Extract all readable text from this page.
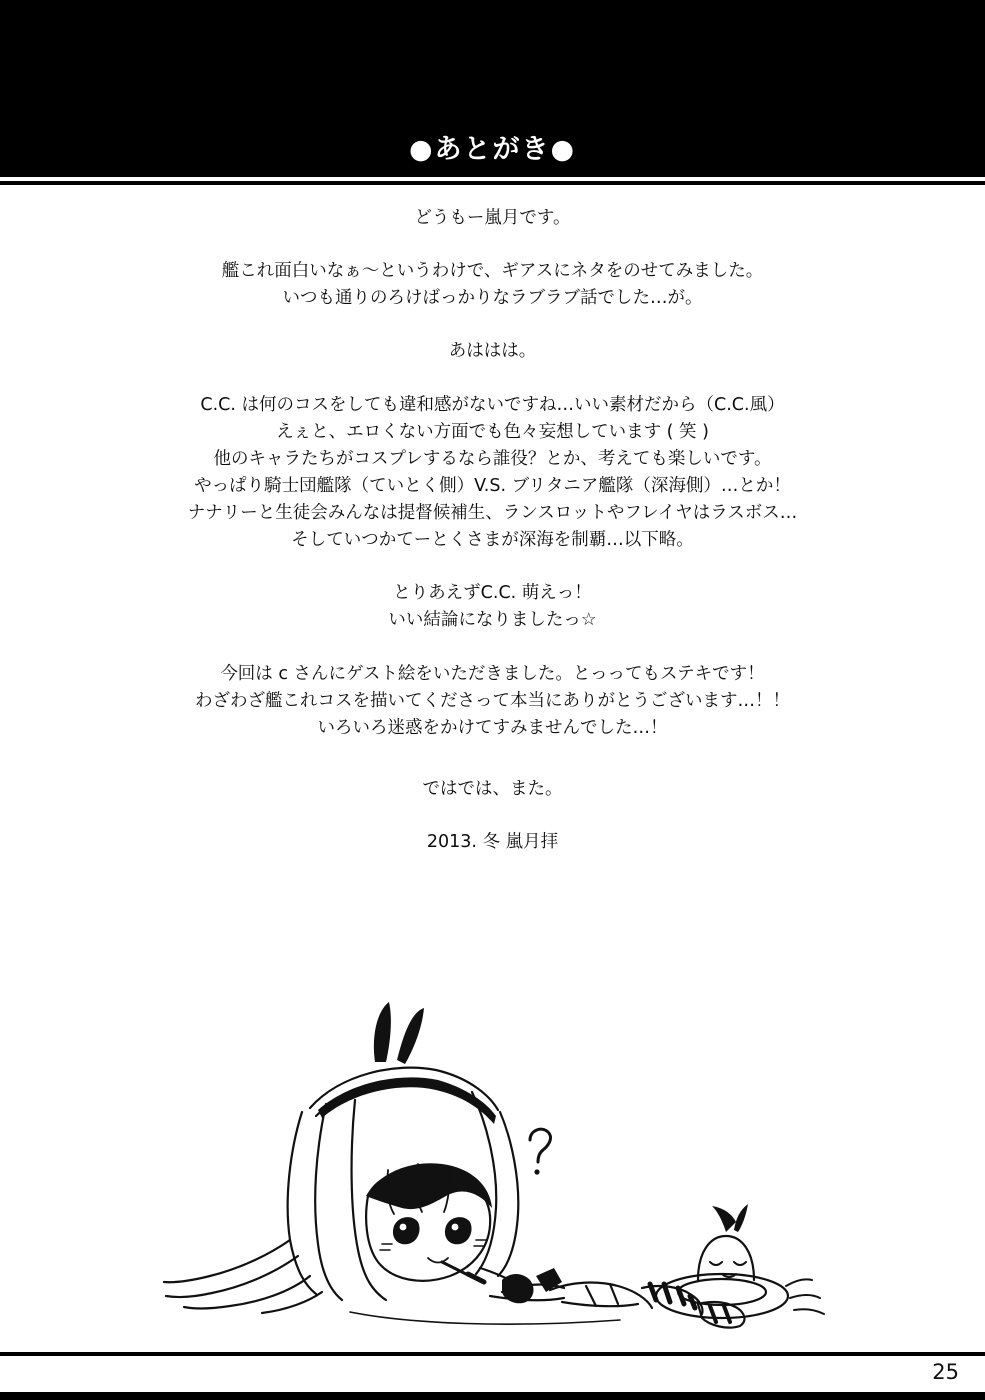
●あとがき●
どうもー嵐月です。
艦これ面白いなぁ〜というわけで、ギアスにネタをのせてみました。
いつも通りのろけばっかりなラブラブ話でした…が。
あははは。
C.C. は何のコスをしても違和感がないですね…いい素材だから（C.C.風）
えぇと、エロくない方面でも色々妄想しています ( 笑 )
他のキャラたちがコスプレするなら誰役？とか、考えても楽しいです。
やっぱり騎士団艦隊（ていとく側）V.S. ブリタニア艦隊（深海側）…とか！
ナナリーと生徒会みんなは提督候補生、ランスロットやフレイヤはラスボス…
そしていつかてーとくさまが深海を制覇…以下略。
とりあえずC.C. 萌えっ！
いい結論になりましたっ☆
今回は c さんにゲスト絵をいただきました。とっってもステキです！
わざわざ艦これコスを描いてくださって本当にありがとうございます…！！
いろいろ迷惑をかけてすみませんでした…！
ではでは、また。
2013. 冬 嵐月拝
25
